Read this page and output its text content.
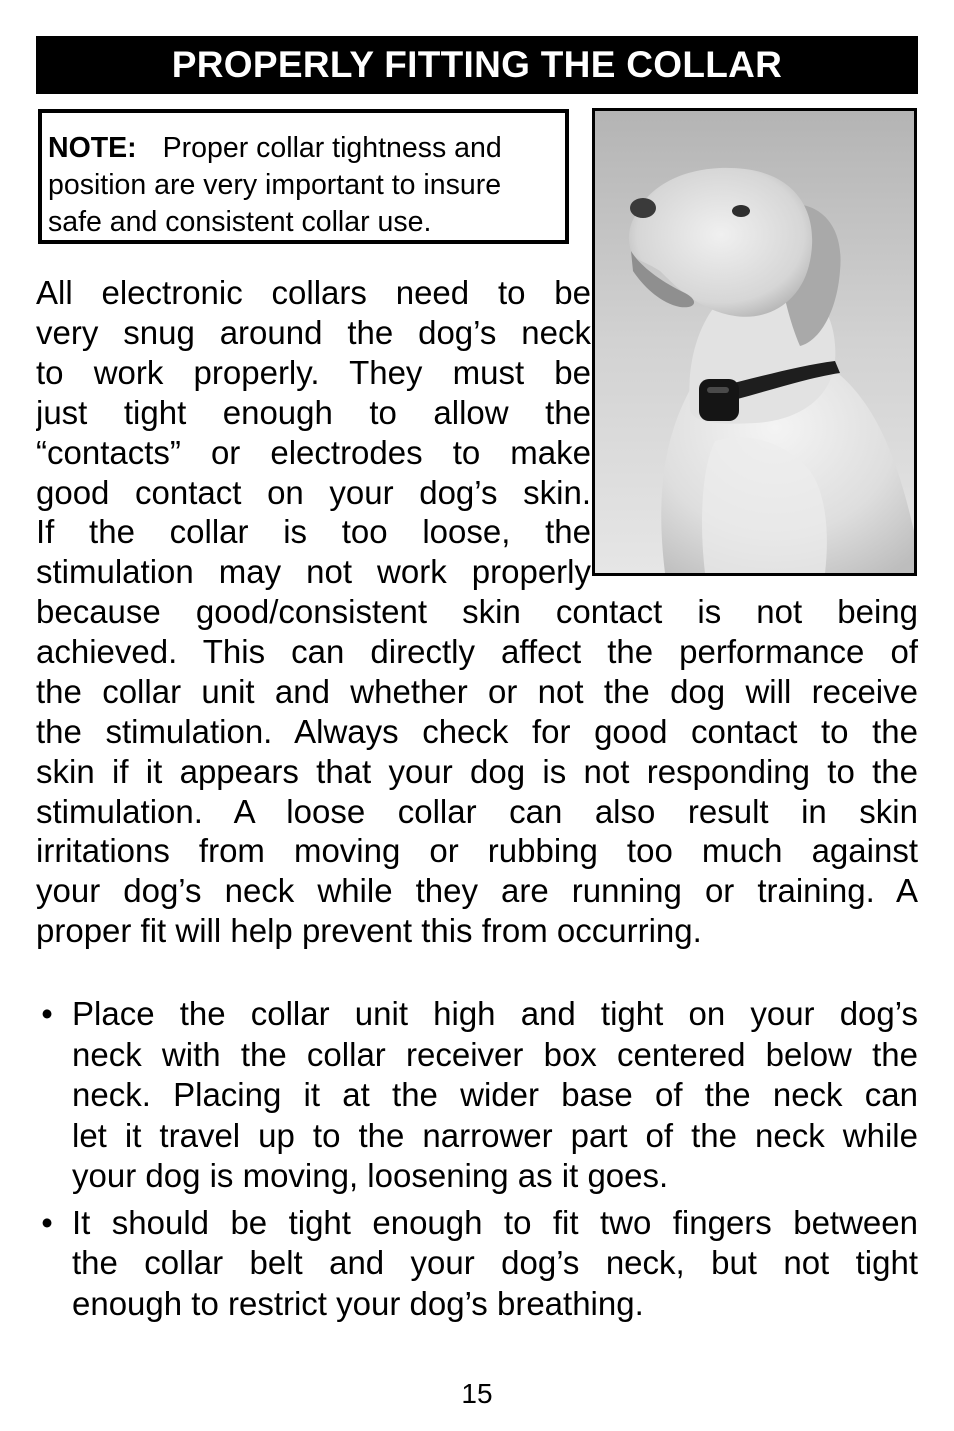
PROPERLY FITTING THE COLLAR
NOTE: Proper collar tightness and
position are very important to insure
safe and consistent collar use.
All electronic collars need to be
very snug around the dog’s neck
to work properly. They must be
just tight enough to allow the
“contacts” or electrodes to make
good contact on your dog’s skin.
If the collar is too loose, the
stimulation may not work properly
because good/consistent skin contact is not being
achieved. This can directly affect the performance of
the collar unit and whether or not the dog will receive
the stimulation. Always check for good contact to the
skin if it appears that your dog is not responding to the
stimulation. A loose collar can also result in skin
irritations from moving or rubbing too much against
your dog’s neck while they are running or training. A
proper fit will help prevent this from occurring.
• Place the collar unit high and tight on your dog’s
neck with the collar receiver box centered below the
neck. Placing it at the wider base of the neck can
let it travel up to the narrower part of the neck while
your dog is moving, loosening as it goes.
• It should be tight enough to fit two fingers between
the collar belt and your dog’s neck, but not tight
enough to restrict your dog’s breathing.
15
